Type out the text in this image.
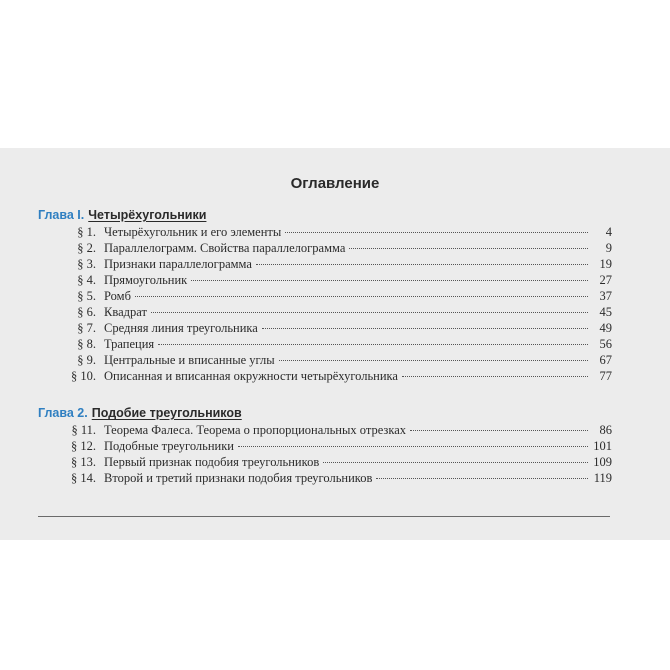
Оглавление
Глава I. Четырёхугольники
§ 1. Четырёхугольник и его элементы	4
§ 2. Параллелограмм. Свойства параллелограмма	9
§ 3. Признаки параллелограмма	19
§ 4. Прямоугольник	27
§ 5. Ромб	37
§ 6. Квадрат	45
§ 7. Средняя линия треугольника	49
§ 8. Трапеция	56
§ 9. Центральные и вписанные углы	67
§ 10. Описанная и вписанная окружности четырёхугольника	77
Глава 2. Подобие треугольников
§ 11. Теорема Фалеса. Теорема о пропорциональных отрезках	86
§ 12. Подобные треугольники	101
§ 13. Первый признак подобия треугольников	109
§ 14. Второй и третий признаки подобия треугольников	119
